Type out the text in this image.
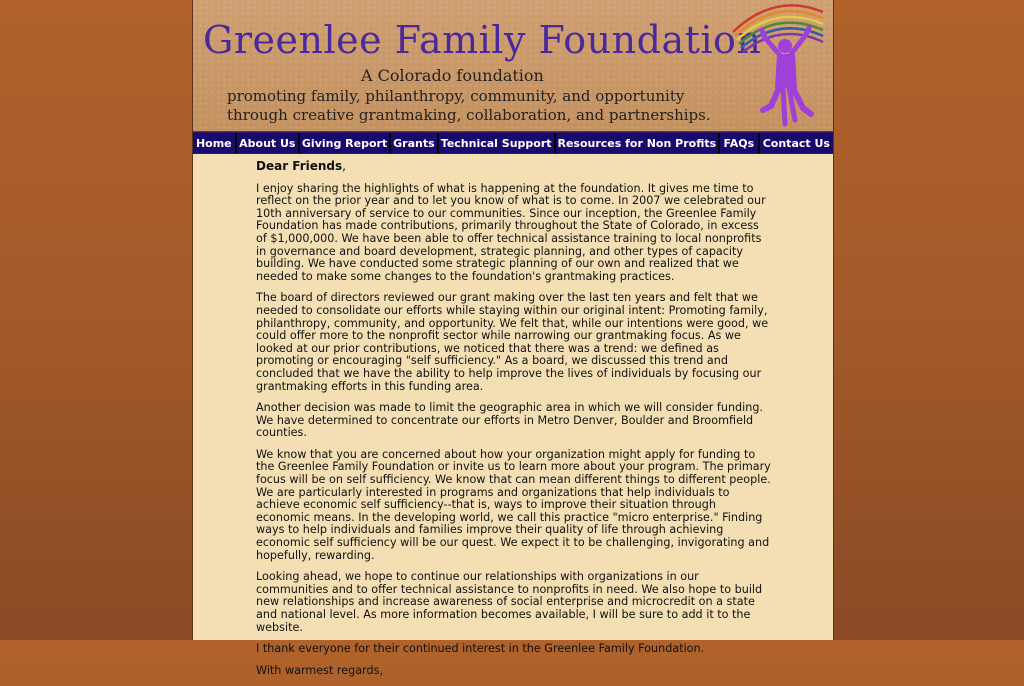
Greenlee Family Foundation
A Colorado foundation
promoting family, philanthropy, community, and opportunity
through creative grantmaking, collaboration, and partnerships.
Home About Us Giving Report Grants Technical Support Resources for Non Profits FAQs Contact Us

Dear Friends,

I enjoy sharing the highlights of what is happening at the foundation. It gives me time to reflect on the prior year and to let you know of what is to come. In 2007 we celebrated our 10th anniversary of service to our communities. Since our inception, the Greenlee Family Foundation has made contributions, primarily throughout the State of Colorado, in excess of $1,000,000. We have been able to offer technical assistance training to local nonprofits in governance and board development, strategic planning, and other types of capacity building. We have conducted some strategic planning of our own and realized that we needed to make some changes to the foundation's grantmaking practices.

The board of directors reviewed our grant making over the last ten years and felt that we needed to consolidate our efforts while staying within our original intent: Promoting family, philanthropy, community, and opportunity. We felt that, while our intentions were good, we could offer more to the nonprofit sector while narrowing our grantmaking focus. As we looked at our prior contributions, we noticed that there was a trend: we defined as promoting or encouraging "self sufficiency." As a board, we discussed this trend and concluded that we have the ability to help improve the lives of individuals by focusing our grantmaking efforts in this funding area.

Another decision was made to limit the geographic area in which we will consider funding. We have determined to concentrate our efforts in Metro Denver, Boulder and Broomfield counties.

We know that you are concerned about how your organization might apply for funding to the Greenlee Family Foundation or invite us to learn more about your program. The primary focus will be on self sufficiency. We know that can mean different things to different people. We are particularly interested in programs and organizations that help individuals to achieve economic self sufficiency--that is, ways to improve their situation through economic means. In the developing world, we call this practice "micro enterprise." Finding ways to help individuals and families improve their quality of life through achieving economic self sufficiency will be our quest. We expect it to be challenging, invigorating and hopefully, rewarding.

Looking ahead, we hope to continue our relationships with organizations in our communities and to offer technical assistance to nonprofits in need. We also hope to build new relationships and increase awareness of social enterprise and microcredit on a state and national level. As more information becomes available, I will be sure to add it to the website.

I thank everyone for their continued interest in the Greenlee Family Foundation.

With warmest regards,
